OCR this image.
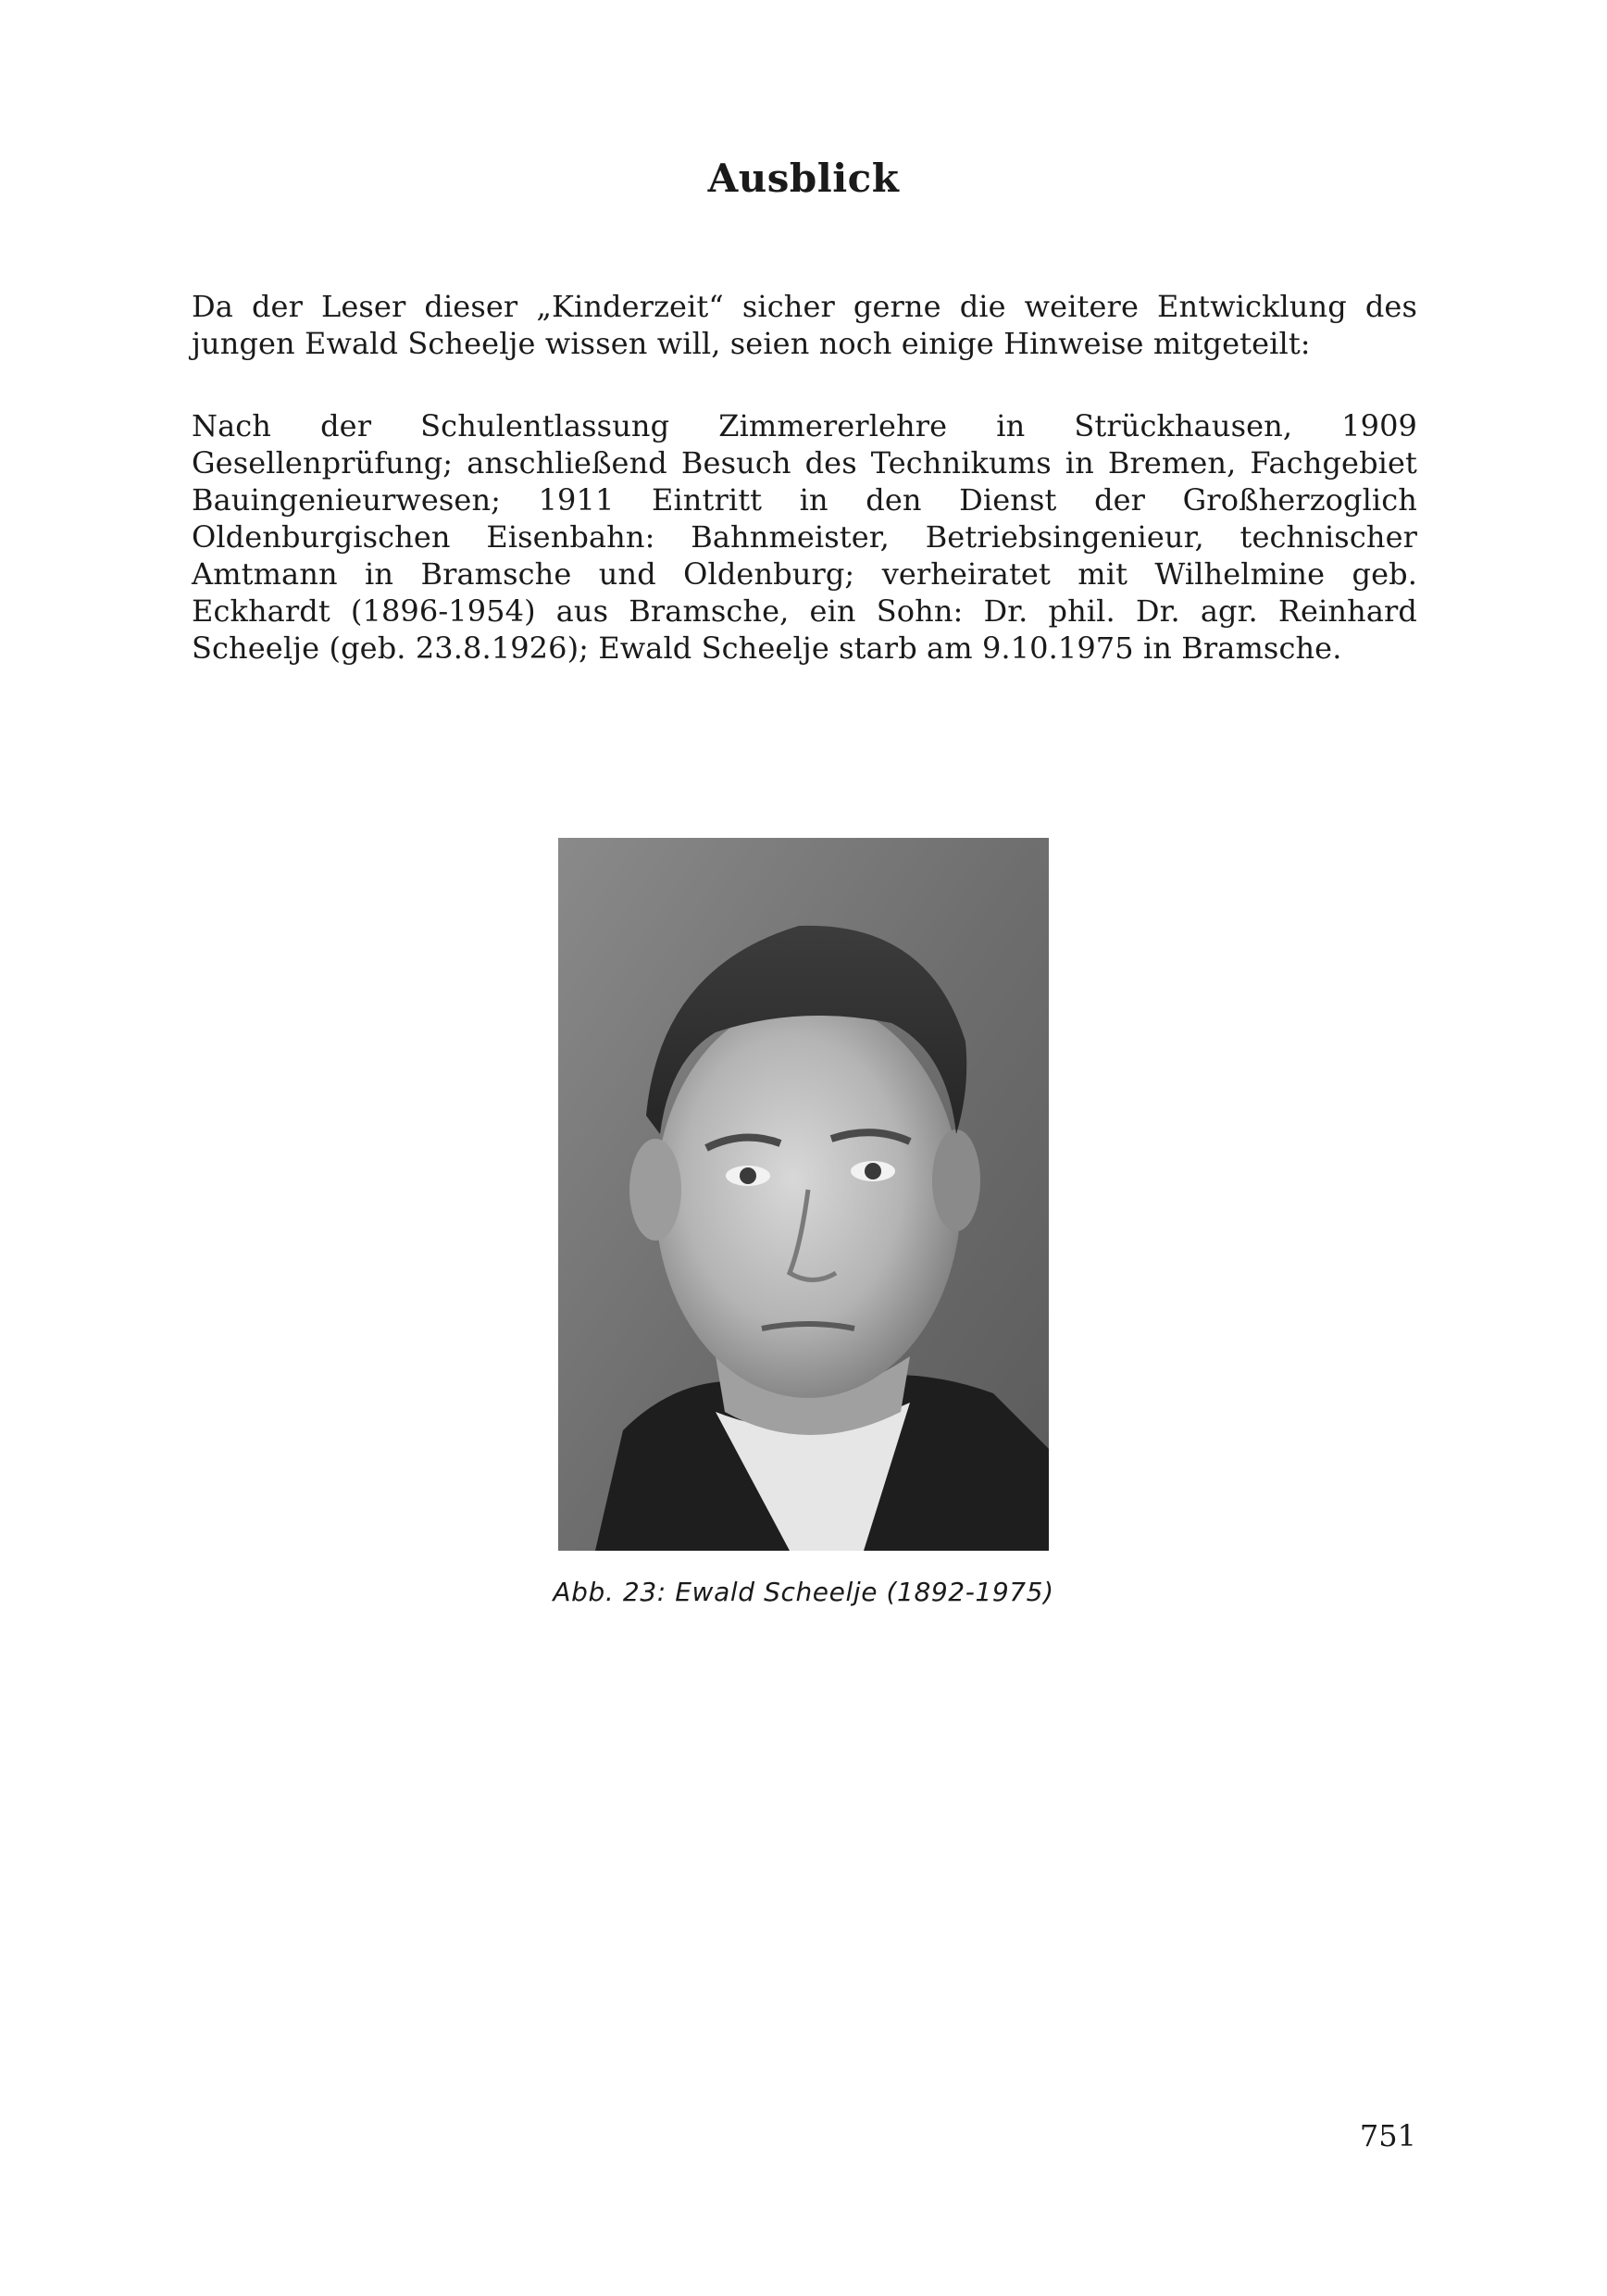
Ausblick

Da der Leser dieser „Kinderzeit“ sicher gerne die weitere Entwicklung des jungen Ewald Scheelje wissen will, seien noch einige Hinweise mitgeteilt:

Nach der Schulentlassung Zimmererlehre in Strückhausen, 1909 Gesellenprüfung; anschließend Besuch des Technikums in Bremen, Fachgebiet Bauingenieurwesen; 1911 Eintritt in den Dienst der Großherzoglich Oldenburgischen Eisenbahn: Bahnmeister, Betriebsingenieur, technischer Amtmann in Bramsche und Oldenburg; verheiratet mit Wilhelmine geb. Eckhardt (1896-1954) aus Bramsche, ein Sohn: Dr. phil. Dr. agr. Reinhard Scheelje (geb. 23.8.1926); Ewald Scheelje starb am 9.10.1975 in Bramsche.

Abb. 23: Ewald Scheelje (1892-1975)
751
